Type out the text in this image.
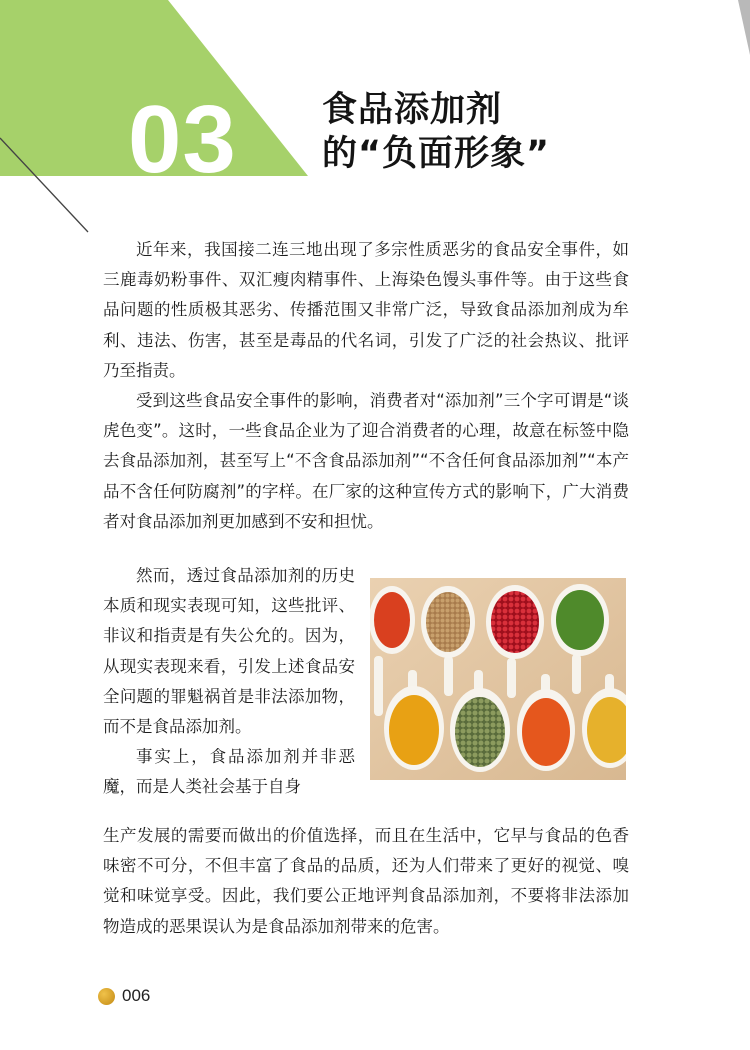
03 食品添加剂
的“负面形象”

近年来，我国接二连三地出现了多宗性质恶劣的食品安全事件，如三鹿毒奶粉事件、双汇瘦肉精事件、上海染色馒头事件等。由于这些食品问题的性质极其恶劣、传播范围又非常广泛，导致食品添加剂成为牟利、违法、伤害，甚至是毒品的代名词，引发了广泛的社会热议、批评乃至指责。

受到这些食品安全事件的影响，消费者对“添加剂”三个字可谓是“谈虎色变”。这时，一些食品企业为了迎合消费者的心理，故意在标签中隐去食品添加剂，甚至写上“不含食品添加剂”“不含任何食品添加剂”“本产品不含任何防腐剂”的字样。在厂家的这种宣传方式的影响下，广大消费者对食品添加剂更加感到不安和担忧。

然而，透过食品添加剂的历史本质和现实表现可知，这些批评、非议和指责是有失公允的。因为，从现实表现来看，引发上述食品安全问题的罪魁祸首是非法添加物，而不是食品添加剂。

事实上，食品添加剂并非恶魔，而是人类社会基于自身

生产发展的需要而做出的价值选择，而且在生活中，它早与食品的色香味密不可分，不但丰富了食品的品质，还为人们带来了更好的视觉、嗅觉和味觉享受。因此，我们要公正地评判食品添加剂，不要将非法添加物造成的恶果误认为是食品添加剂带来的危害。
006
